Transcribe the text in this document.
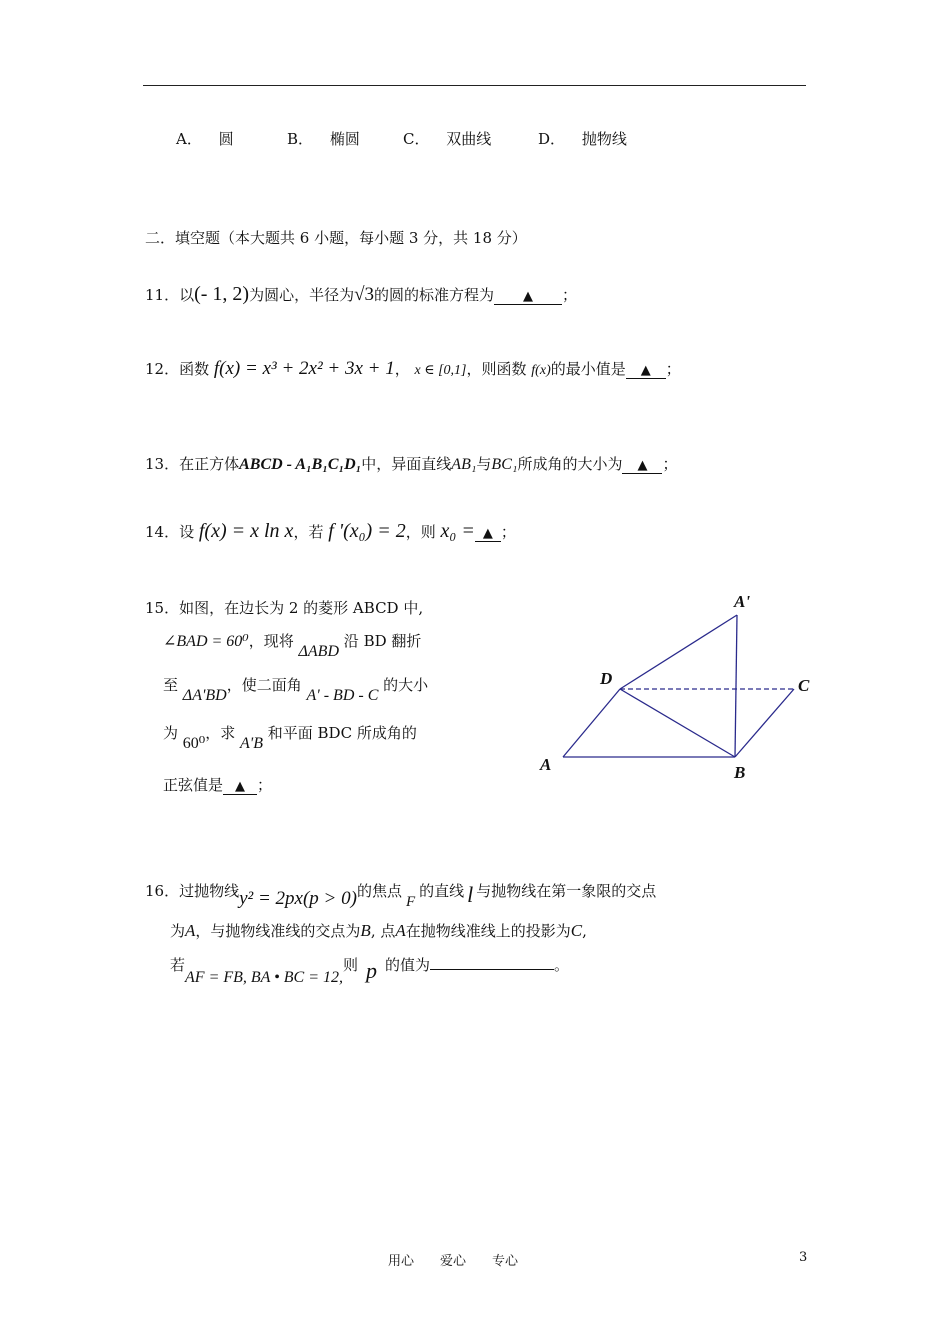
A． 圆	B． 椭圆	C． 双曲线	D． 抛物线
二．填空题（本大题共 6 小题，每小题 3 分，共 18 分）
11．以(- 1, 2)为圆心，半径为√3的圆的标准方程为 ▲ ；
12．函数 f(x) = x³ + 2x² + 3x + 1， x ∈ [0,1]，则函数 f(x)的最小值是 ▲ ；
13．在正方体ABCD - A₁B₁C₁D₁中，异面直线AB₁与BC₁所成角的大小为 ▲ ；
14．设 f(x) = x ln x，若 f '(x₀) = 2，则 x₀ = ▲ ；
15．如图，在边长为 2 的菱形 ABCD 中,
∠BAD = 60⁰，现将 ΔABD 沿 BD 翻折
至 ΔA'BD，使二面角 A' - BD - C 的大小
为 60⁰，求 A'B 和平面 BDC 所成角的
正弦值是 ▲ ；
A'
D	C
A	B
16．过抛物线y² = 2px(p > 0)的焦点F的直线 l 与抛物线在第一象限的交点
为A，与抛物线准线的交点为B, 点A在抛物线准线上的投影为C,
若AF = FB, BA • BC = 12,则 p 的值为	。
用心　　爱心　　专心	3
